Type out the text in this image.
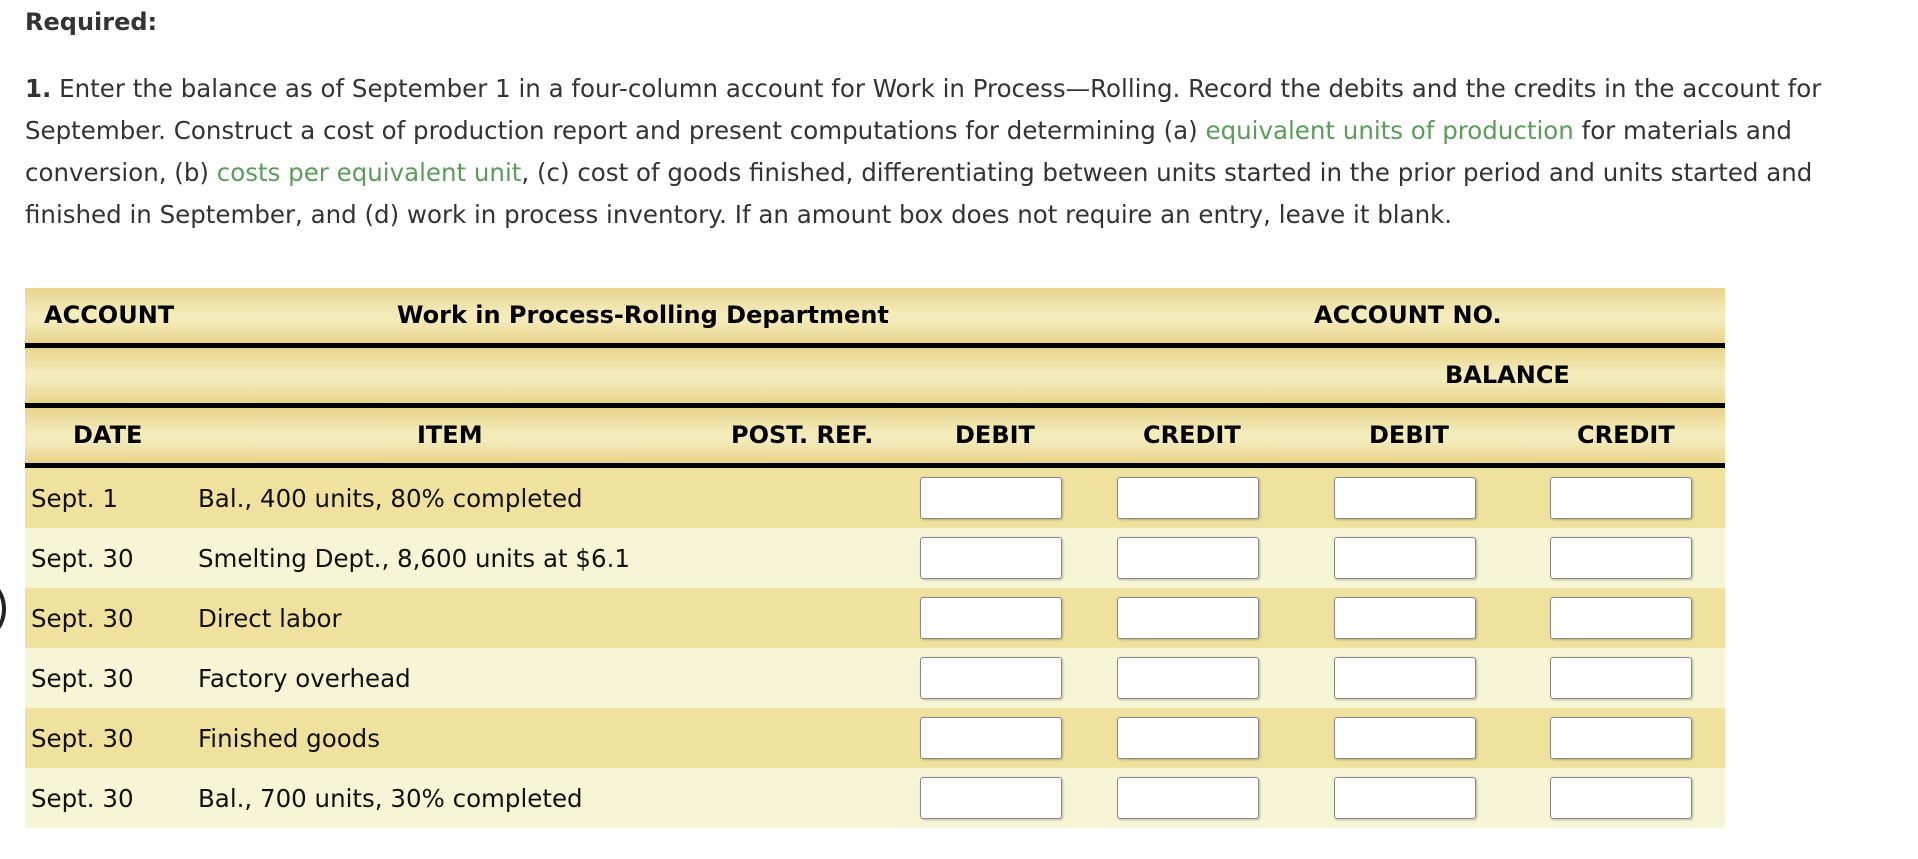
Required:
1. Enter the balance as of September 1 in a four-column account for Work in Process—Rolling. Record the debits and the credits in the account for September. Construct a cost of production report and present computations for determining (a) equivalent units of production for materials and conversion, (b) costs per equivalent unit, (c) cost of goods finished, differentiating between units started in the prior period and units started and finished in September, and (d) work in process inventory. If an amount box does not require an entry, leave it blank.
ACCOUNT	Work in Process-Rolling Department	ACCOUNT NO.
BALANCE
DATE	ITEM	POST. REF.	DEBIT	CREDIT	DEBIT	CREDIT
Sept. 1	Bal., 400 units, 80% completed
Sept. 30	Smelting Dept., 8,600 units at $6.1
Sept. 30	Direct labor
Sept. 30	Factory overhead
Sept. 30	Finished goods
Sept. 30	Bal., 700 units, 30% completed
